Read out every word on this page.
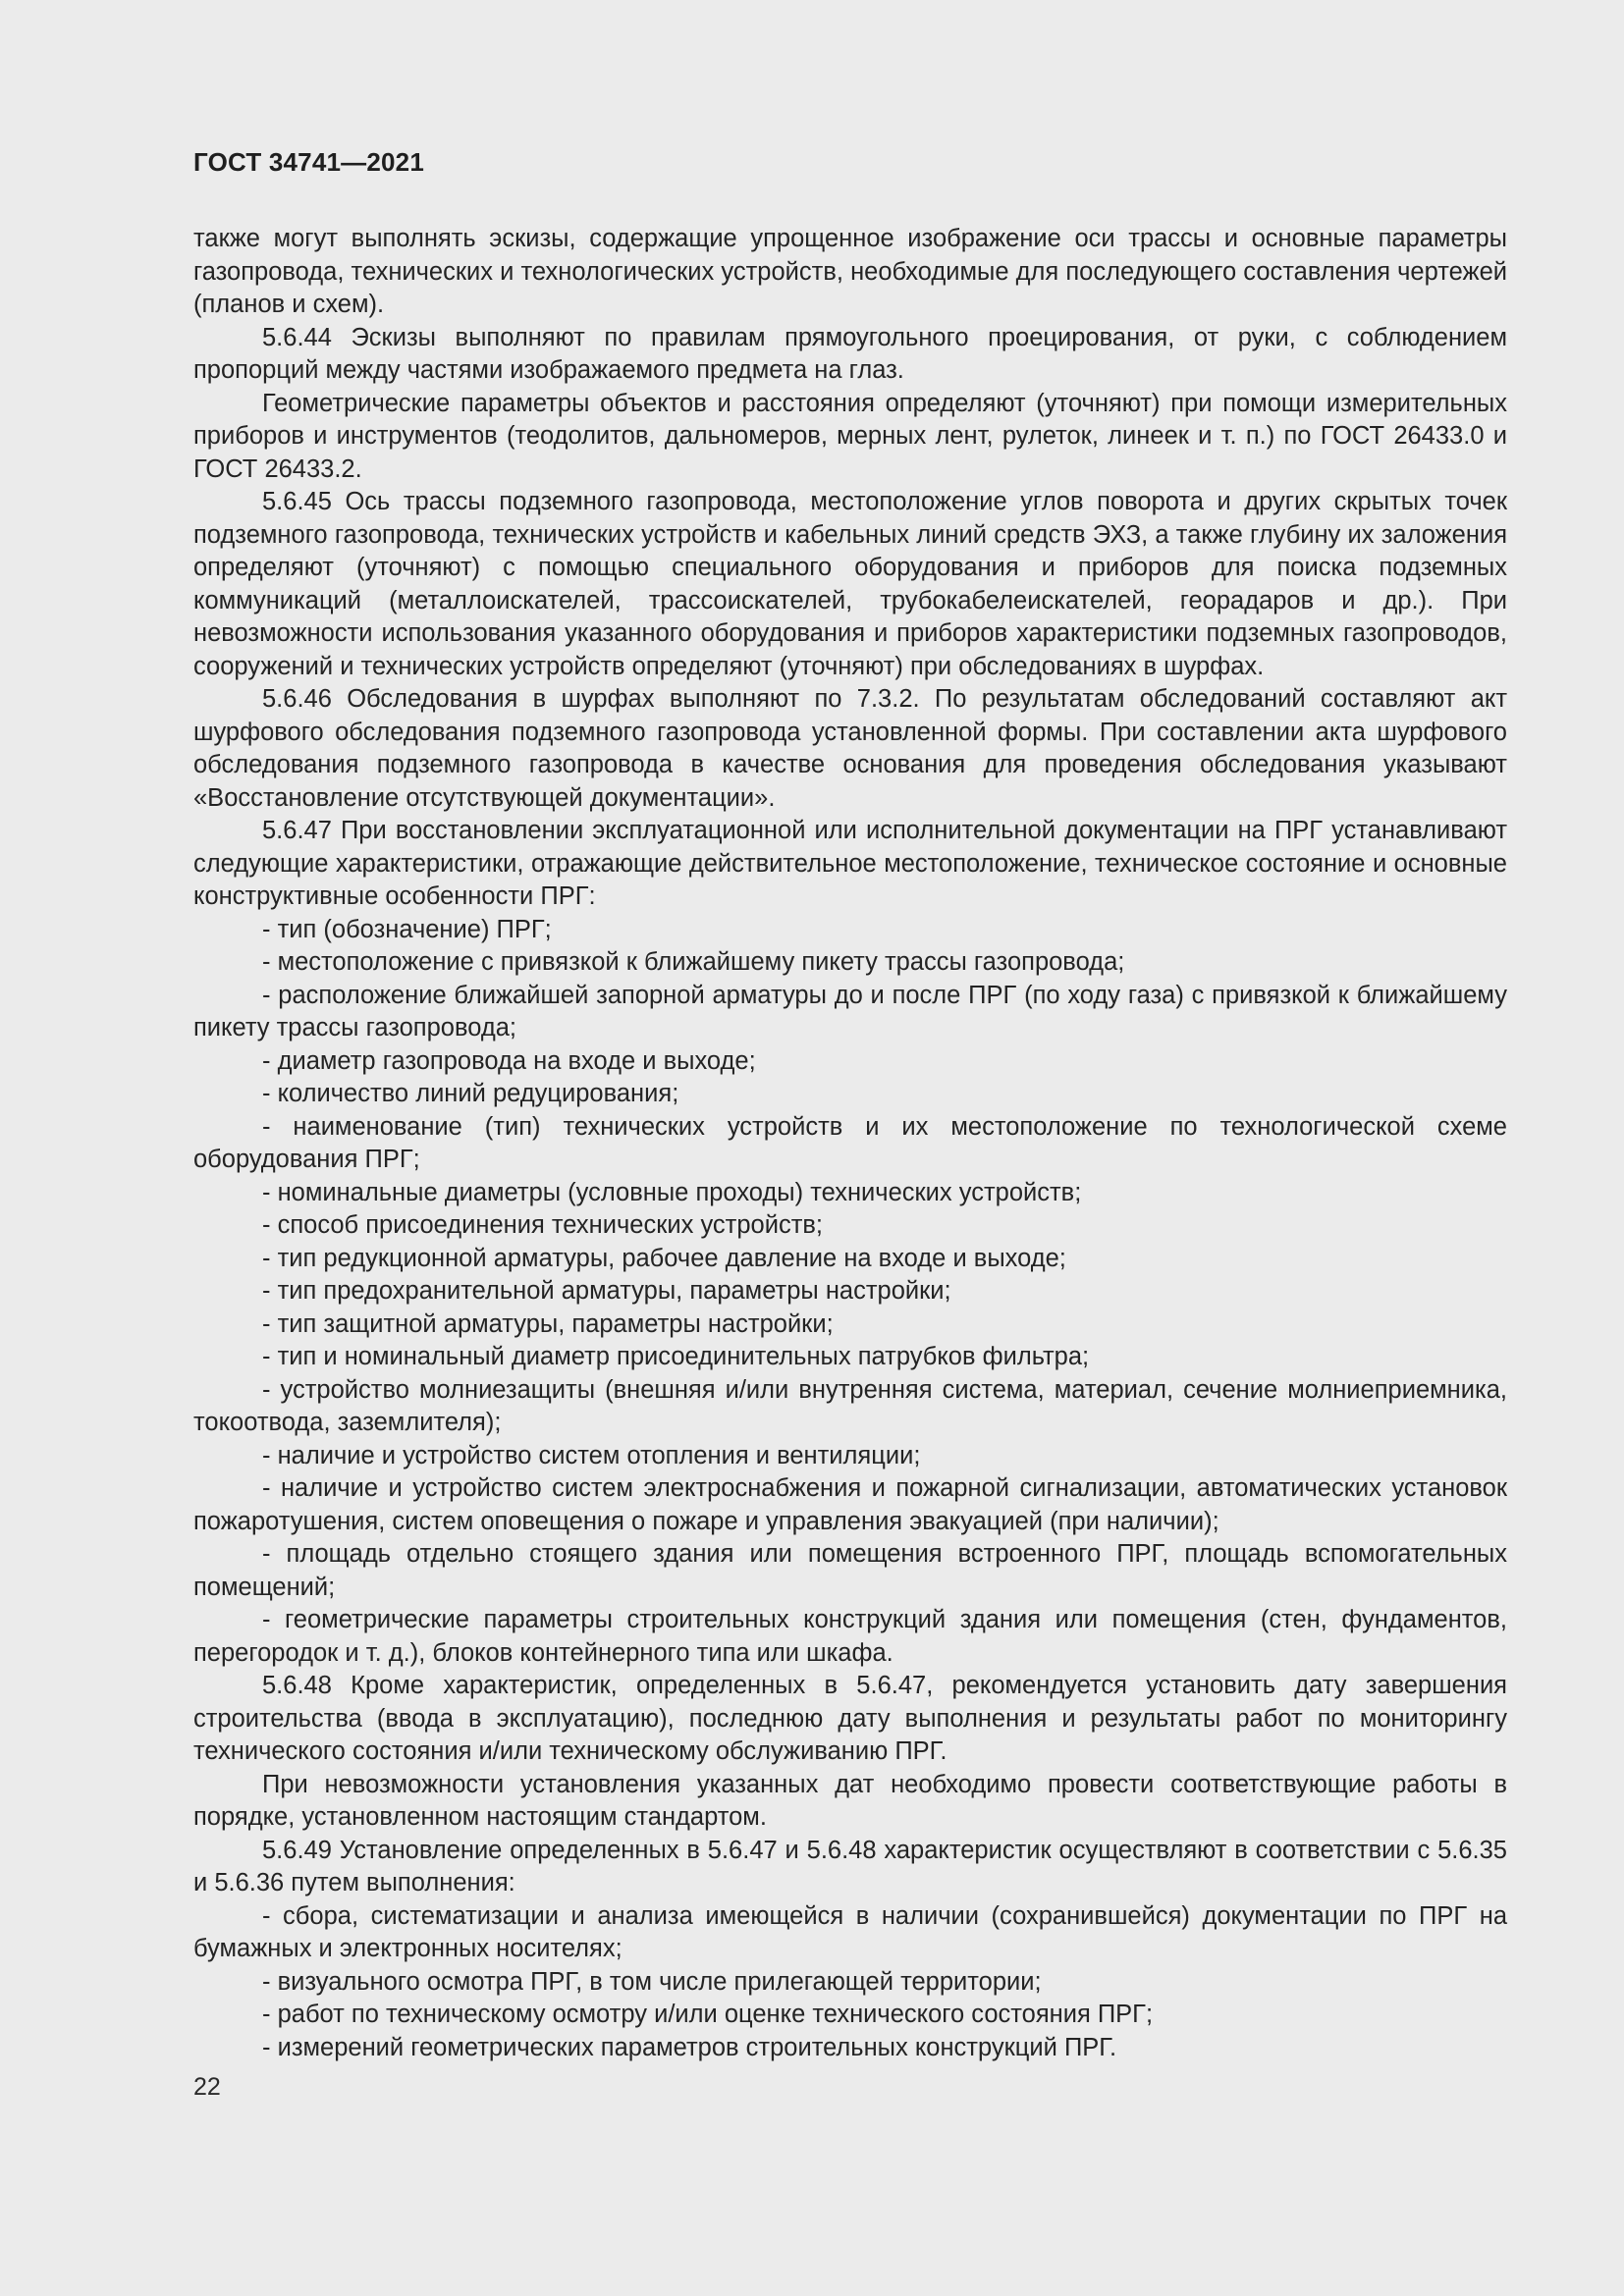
ГОСТ 34741—2021

также могут выполнять эскизы, содержащие упрощенное изображение оси трассы и основные параметры газопровода, технических и технологических устройств, необходимые для последующего составления чертежей (планов и схем).

5.6.44 Эскизы выполняют по правилам прямоугольного проецирования, от руки, с соблюдением пропорций между частями изображаемого предмета на глаз.

Геометрические параметры объектов и расстояния определяют (уточняют) при помощи измерительных приборов и инструментов (теодолитов, дальномеров, мерных лент, рулеток, линеек и т. п.) по ГОСТ 26433.0 и ГОСТ 26433.2.

5.6.45 Ось трассы подземного газопровода, местоположение углов поворота и других скрытых точек подземного газопровода, технических устройств и кабельных линий средств ЭХЗ, а также глубину их заложения определяют (уточняют) с помощью специального оборудования и приборов для поиска подземных коммуникаций (металлоискателей, трассоискателей, трубокабелеискателей, георадаров и др.). При невозможности использования указанного оборудования и приборов характеристики подземных газопроводов, сооружений и технических устройств определяют (уточняют) при обследованиях в шурфах.

5.6.46 Обследования в шурфах выполняют по 7.3.2. По результатам обследований составляют акт шурфового обследования подземного газопровода установленной формы. При составлении акта шурфового обследования подземного газопровода в качестве основания для проведения обследования указывают «Восстановление отсутствующей документации».

5.6.47 При восстановлении эксплуатационной или исполнительной документации на ПРГ устанавливают следующие характеристики, отражающие действительное местоположение, техническое состояние и основные конструктивные особенности ПРГ:

- тип (обозначение) ПРГ;

- местоположение с привязкой к ближайшему пикету трассы газопровода;

- расположение ближайшей запорной арматуры до и после ПРГ (по ходу газа) с привязкой к ближайшему пикету трассы газопровода;

- диаметр газопровода на входе и выходе;

- количество линий редуцирования;

- наименование (тип) технических устройств и их местоположение по технологической схеме оборудования ПРГ;

- номинальные диаметры (условные проходы) технических устройств;

- способ присоединения технических устройств;

- тип редукционной арматуры, рабочее давление на входе и выходе;

- тип предохранительной арматуры, параметры настройки;

- тип защитной арматуры, параметры настройки;

- тип и номинальный диаметр присоединительных патрубков фильтра;

- устройство молниезащиты (внешняя и/или внутренняя система, материал, сечение молниеприемника, токоотвода, заземлителя);

- наличие и устройство систем отопления и вентиляции;

- наличие и устройство систем электроснабжения и пожарной сигнализации, автоматических установок пожаротушения, систем оповещения о пожаре и управления эвакуацией (при наличии);

- площадь отдельно стоящего здания или помещения встроенного ПРГ, площадь вспомогательных помещений;

- геометрические параметры строительных конструкций здания или помещения (стен, фундаментов, перегородок и т. д.), блоков контейнерного типа или шкафа.

5.6.48 Кроме характеристик, определенных в 5.6.47, рекомендуется установить дату завершения строительства (ввода в эксплуатацию), последнюю дату выполнения и результаты работ по мониторингу технического состояния и/или техническому обслуживанию ПРГ.

При невозможности установления указанных дат необходимо провести соответствующие работы в порядке, установленном настоящим стандартом.

5.6.49 Установление определенных в 5.6.47 и 5.6.48 характеристик осуществляют в соответствии с 5.6.35 и 5.6.36 путем выполнения:

- сбора, систематизации и анализа имеющейся в наличии (сохранившейся) документации по ПРГ на бумажных и электронных носителях;

- визуального осмотра ПРГ, в том числе прилегающей территории;

- работ по техническому осмотру и/или оценке технического состояния ПРГ;

- измерений геометрических параметров строительных конструкций ПРГ.

22
